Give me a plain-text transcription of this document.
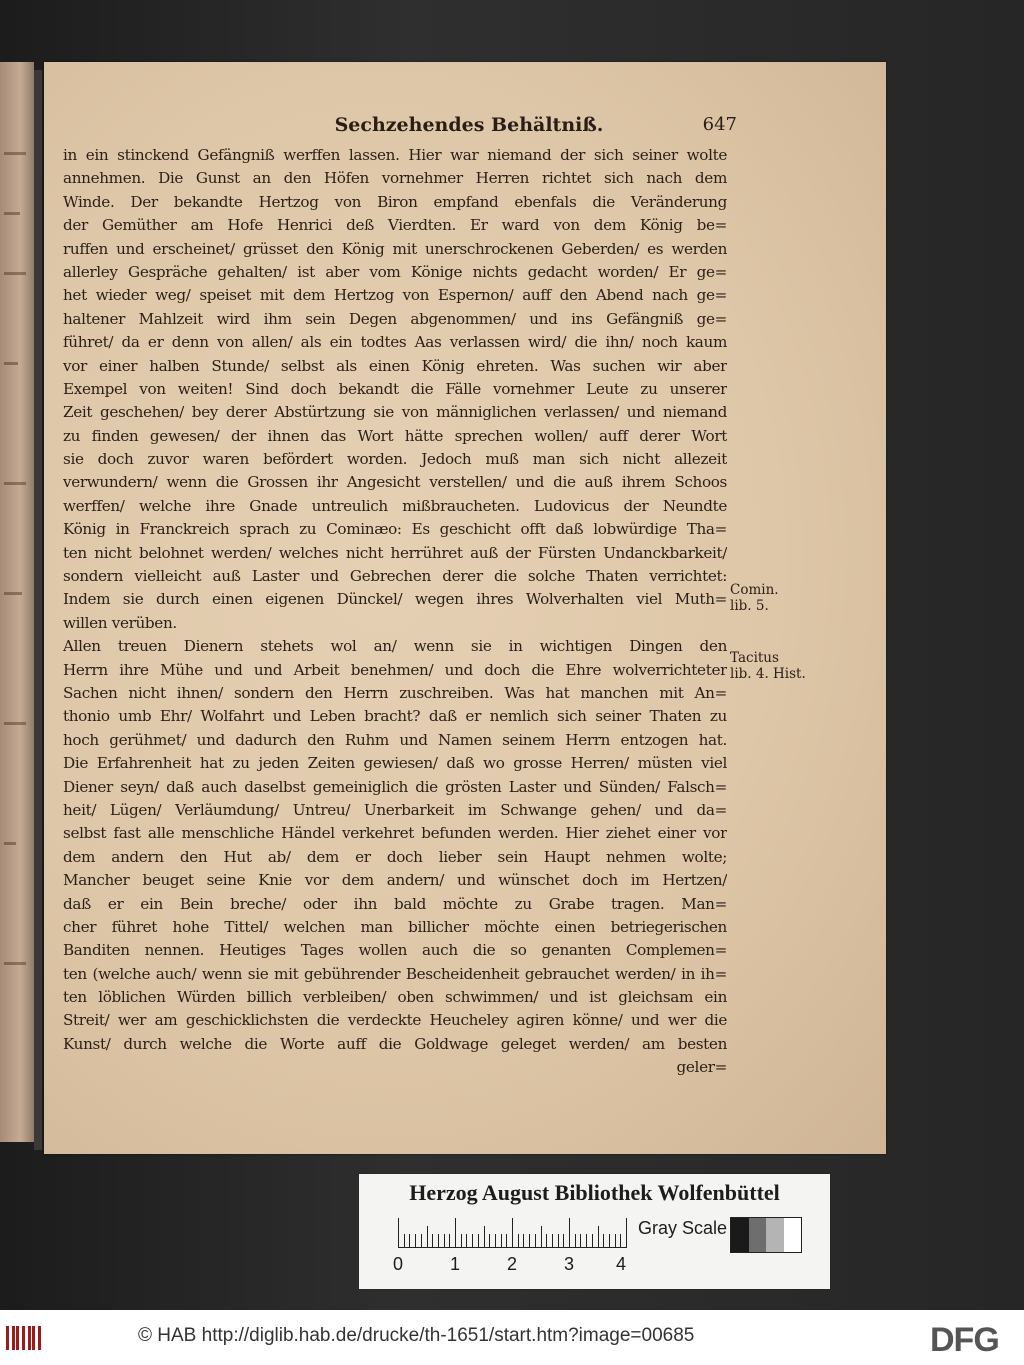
Sechzehendes Behältniß.	647
in ein stinckend Gefängniß werffen lassen. Hier war niemand der sich seiner wolte
annehmen. Die Gunst an den Höfen vornehmer Herren richtet sich nach dem
Winde. Der bekandte Hertzog von Biron empfand ebenfals die Veränderung
der Gemüther am Hofe Henrici deß Vierdten. Er ward von dem König be=
ruffen und erscheinet/ grüsset den König mit unerschrockenen Geberden/ es werden
allerley Gespräche gehalten/ ist aber vom Könige nichts gedacht worden/ Er ge=
het wieder weg/ speiset mit dem Hertzog von Espernon/ auff den Abend nach ge=
haltener Mahlzeit wird ihm sein Degen abgenommen/ und ins Gefängniß ge=
führet/ da er denn von allen/ als ein todtes Aas verlassen wird/ die ihn/ noch kaum
vor einer halben Stunde/ selbst als einen König ehreten. Was suchen wir aber
Exempel von weiten! Sind doch bekandt die Fälle vornehmer Leute zu unserer
Zeit geschehen/ bey derer Abstürtzung sie von männiglichen verlassen/ und niemand
zu finden gewesen/ der ihnen das Wort hätte sprechen wollen/ auff derer Wort
sie doch zuvor waren befördert worden. Jedoch muß man sich nicht allezeit
verwundern/ wenn die Grossen ihr Angesicht verstellen/ und die auß ihrem Schoos
werffen/ welche ihre Gnade untreulich mißbraucheten. Ludovicus der Neundte
König in Franckreich sprach zu Cominæo: Es geschicht offt daß lobwürdige Tha=
ten nicht belohnet werden/ welches nicht herrühret auß der Fürsten Undanckbarkeit/
sondern vielleicht auß Laster und Gebrechen derer die solche Thaten verrichtet:
Indem sie durch einen eigenen Dünckel/ wegen ihres Wolverhalten viel Muth=
willen verüben.
Allen treuen Dienern stehets wol an/ wenn sie in wichtigen Dingen den
Herrn ihre Mühe und und Arbeit benehmen/ und doch die Ehre wolverrichteter
Sachen nicht ihnen/ sondern den Herrn zuschreiben. Was hat manchen mit An=
thonio umb Ehr/ Wolfahrt und Leben bracht? daß er nemlich sich seiner Thaten zu
hoch gerühmet/ und dadurch den Ruhm und Namen seinem Herrn entzogen hat.
Die Erfahrenheit hat zu jeden Zeiten gewiesen/ daß wo grosse Herren/ müsten viel
Diener seyn/ daß auch daselbst gemeiniglich die grösten Laster und Sünden/ Falsch=
heit/ Lügen/ Verläumdung/ Untreu/ Unerbarkeit im Schwange gehen/ und da=
selbst fast alle menschliche Händel verkehret befunden werden. Hier ziehet einer vor
dem andern den Hut ab/ dem er doch lieber sein Haupt nehmen wolte;
Mancher beuget seine Knie vor dem andern/ und wünschet doch im Hertzen/
daß er ein Bein breche/ oder ihn bald möchte zu Grabe tragen. Man=
cher führet hohe Tittel/ welchen man billicher möchte einen betriegerischen
Banditen nennen. Heutiges Tages wollen auch die so genanten Complemen=
ten (welche auch/ wenn sie mit gebührender Bescheidenheit gebrauchet werden/ in ih=
ten löblichen Würden billich verbleiben/ oben schwimmen/ und ist gleichsam ein
Streit/ wer am geschicklichsten die verdeckte Heucheley agiren könne/ und wer die
Kunst/ durch welche die Worte auff die Goldwage geleget werden/ am besten
geler=
Comin.
lib. 5.
Tacitus
lib. 4. Hist.
Herzog August Bibliothek Wolfenbüttel
0	1	2	3 4
Gray Scale
© HAB http://diglib.hab.de/drucke/th-1651/start.htm?image=00685	DFG
